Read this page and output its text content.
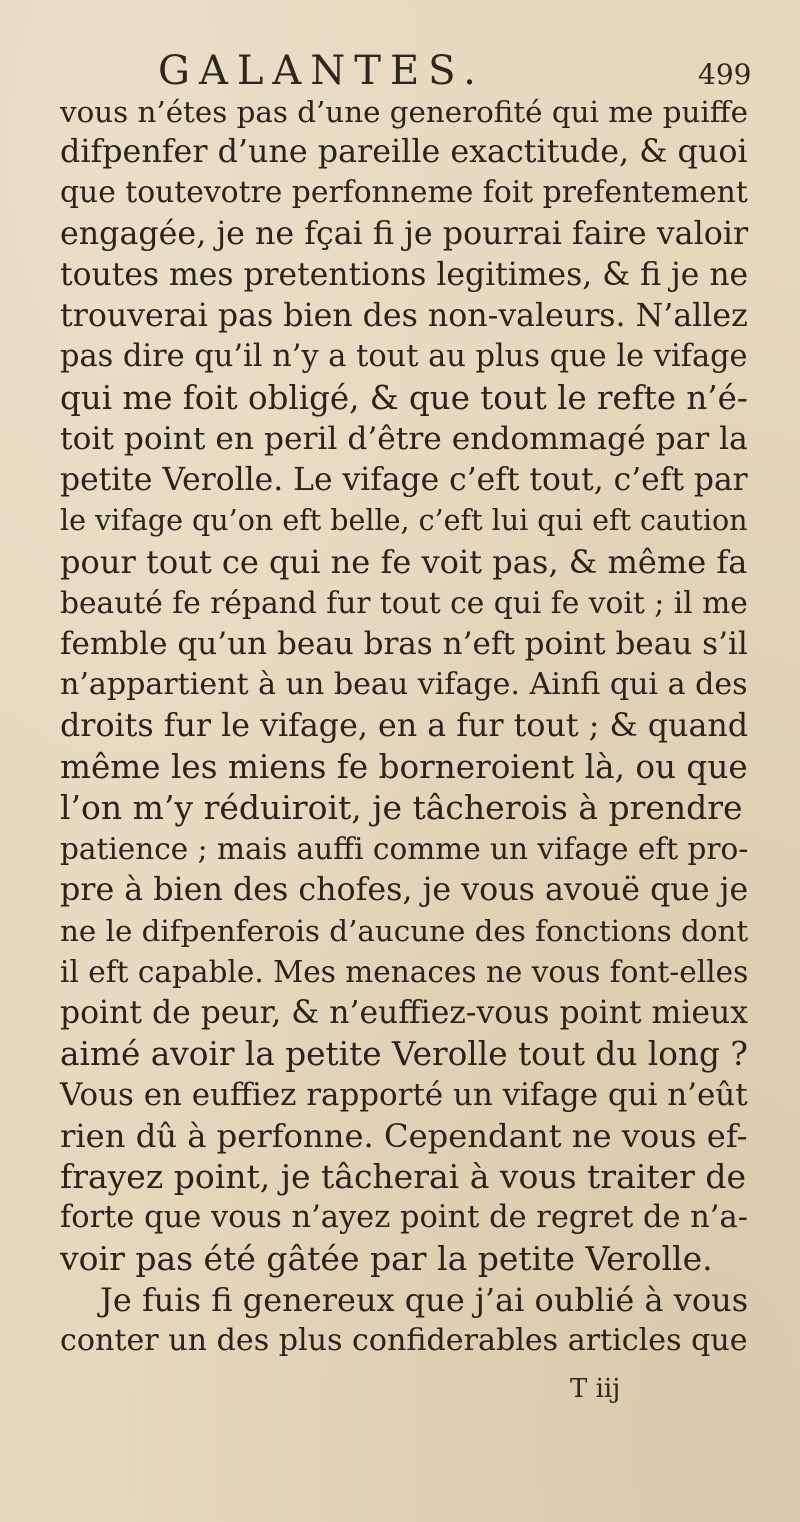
GALANTES.	499
vous n’étes pas d’une generofité qui me puiffe
difpenfer d’une pareille exactitude, & quoi
que toutevotre perfonneme foit prefentement
engagée, je ne fçai fi je pourrai faire valoir
toutes mes pretentions legitimes, & fi je ne
trouverai pas bien des non-valeurs. N’allez
pas dire qu’il n’y a tout au plus que le vifage
qui me foit obligé, & que tout le refte n’é-
toit point en peril d’être endommagé par la
petite Verolle. Le vifage c’eft tout, c’eft par
le vifage qu’on eft belle, c’eft lui qui eft caution
pour tout ce qui ne fe voit pas, & même fa
beauté fe répand fur tout ce qui fe voit ; il me
femble qu’un beau bras n’eft point beau s’il
n’appartient à un beau vifage. Ainfi qui a des
droits fur le vifage, en a fur tout ; & quand
même les miens fe borneroient là, ou que
l’on m’y réduiroit, je tâcherois à prendre
patience ; mais auffi comme un vifage eft pro-
pre à bien des chofes, je vous avouë que je
ne le difpenferois d’aucune des fonctions dont
il eft capable. Mes menaces ne vous font-elles
point de peur, & n’euffiez-vous point mieux
aimé avoir la petite Verolle tout du long ?
Vous en euffiez rapporté un vifage qui n’eût
rien dû à perfonne. Cependant ne vous ef-
frayez point, je tâcherai à vous traiter de
forte que vous n’ayez point de regret de n’a-
voir pas été gâtée par la petite Verolle.
Je fuis fi genereux que j’ai oublié à vous
conter un des plus confiderables articles que
T iij
